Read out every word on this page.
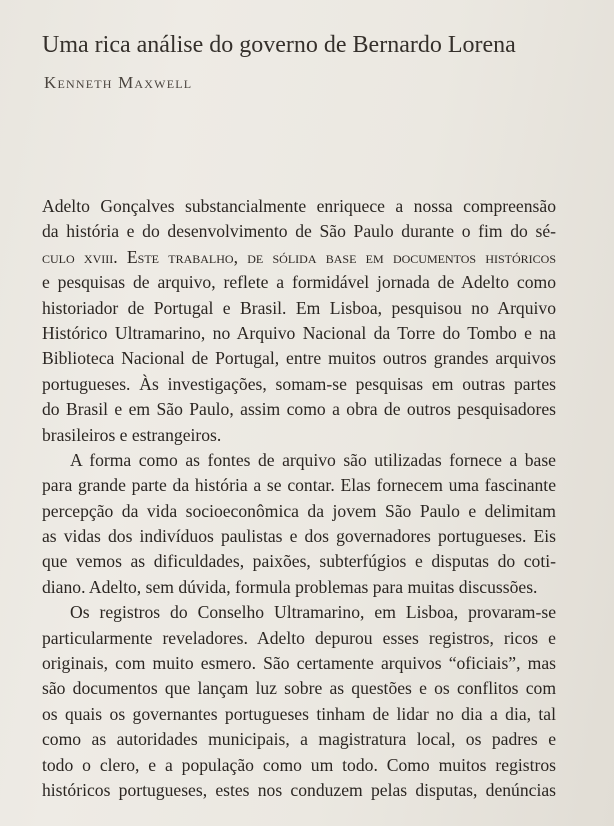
Uma rica análise do governo de Bernardo Lorena
Kenneth Maxwell
Adelto Gonçalves substancialmente enriquece a nossa compreensão
da história e do desenvolvimento de São Paulo durante o fim do sé-
culo xviii. Este trabalho, de sólida base em documentos históricos
e pesquisas de arquivo, reflete a formidável jornada de Adelto como
historiador de Portugal e Brasil. Em Lisboa, pesquisou no Arquivo
Histórico Ultramarino, no Arquivo Nacional da Torre do Tombo e na
Biblioteca Nacional de Portugal, entre muitos outros grandes arquivos
portugueses. Às investigações, somam-se pesquisas em outras partes
do Brasil e em São Paulo, assim como a obra de outros pesquisadores
brasileiros e estrangeiros.
A forma como as fontes de arquivo são utilizadas fornece a base
para grande parte da história a se contar. Elas fornecem uma fascinante
percepção da vida socioeconômica da jovem São Paulo e delimitam
as vidas dos indivíduos paulistas e dos governadores portugueses. Eis
que vemos as dificuldades, paixões, subterfúgios e disputas do coti-
diano. Adelto, sem dúvida, formula problemas para muitas discussões.
Os registros do Conselho Ultramarino, em Lisboa, provaram-se
particularmente reveladores. Adelto depurou esses registros, ricos e
originais, com muito esmero. São certamente arquivos “oficiais”, mas
são documentos que lançam luz sobre as questões e os conflitos com
os quais os governantes portugueses tinham de lidar no dia a dia, tal
como as autoridades municipais, a magistratura local, os padres e
todo o clero, e a população como um todo. Como muitos registros
históricos portugueses, estes nos conduzem pelas disputas, denúncias
